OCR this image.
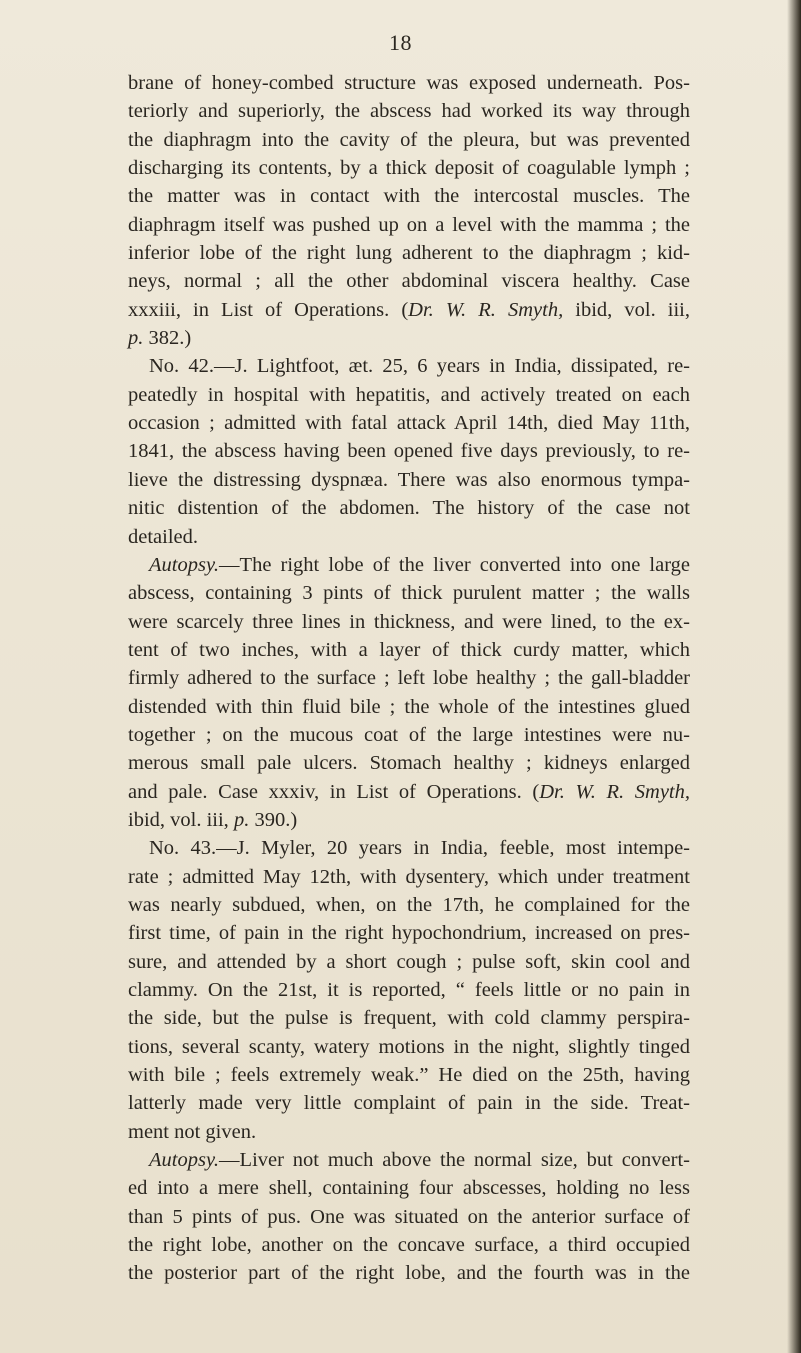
18
brane of honey-combed structure was exposed underneath. Pos-
teriorly and superiorly, the abscess had worked its way through
the diaphragm into the cavity of the pleura, but was prevented
discharging its contents, by a thick deposit of coagulable lymph ;
the matter was in contact with the intercostal muscles. The
diaphragm itself was pushed up on a level with the mamma ; the
inferior lobe of the right lung adherent to the diaphragm ; kid-
neys, normal ; all the other abdominal viscera healthy. Case
xxxiii, in List of Operations. (Dr. W. R. Smyth, ibid, vol. iii,
p. 382.)
No. 42.—J. Lightfoot, æt. 25, 6 years in India, dissipated, re-
peatedly in hospital with hepatitis, and actively treated on each
occasion ; admitted with fatal attack April 14th, died May 11th,
1841, the abscess having been opened five days previously, to re-
lieve the distressing dyspnæa. There was also enormous tympa-
nitic distention of the abdomen. The history of the case not
detailed.
Autopsy.—The right lobe of the liver converted into one large
abscess, containing 3 pints of thick purulent matter ; the walls
were scarcely three lines in thickness, and were lined, to the ex-
tent of two inches, with a layer of thick curdy matter, which
firmly adhered to the surface ; left lobe healthy ; the gall-bladder
distended with thin fluid bile ; the whole of the intestines glued
together ; on the mucous coat of the large intestines were nu-
merous small pale ulcers. Stomach healthy ; kidneys enlarged
and pale. Case xxxiv, in List of Operations. (Dr. W. R. Smyth,
ibid, vol. iii, p. 390.)
No. 43.—J. Myler, 20 years in India, feeble, most intempe-
rate ; admitted May 12th, with dysentery, which under treatment
was nearly subdued, when, on the 17th, he complained for the
first time, of pain in the right hypochondrium, increased on pres-
sure, and attended by a short cough ; pulse soft, skin cool and
clammy. On the 21st, it is reported, “ feels little or no pain in
the side, but the pulse is frequent, with cold clammy perspira-
tions, several scanty, watery motions in the night, slightly tinged
with bile ; feels extremely weak.” He died on the 25th, having
latterly made very little complaint of pain in the side. Treat-
ment not given.
Autopsy.—Liver not much above the normal size, but convert-
ed into a mere shell, containing four abscesses, holding no less
than 5 pints of pus. One was situated on the anterior surface of
the right lobe, another on the concave surface, a third occupied
the posterior part of the right lobe, and the fourth was in the
